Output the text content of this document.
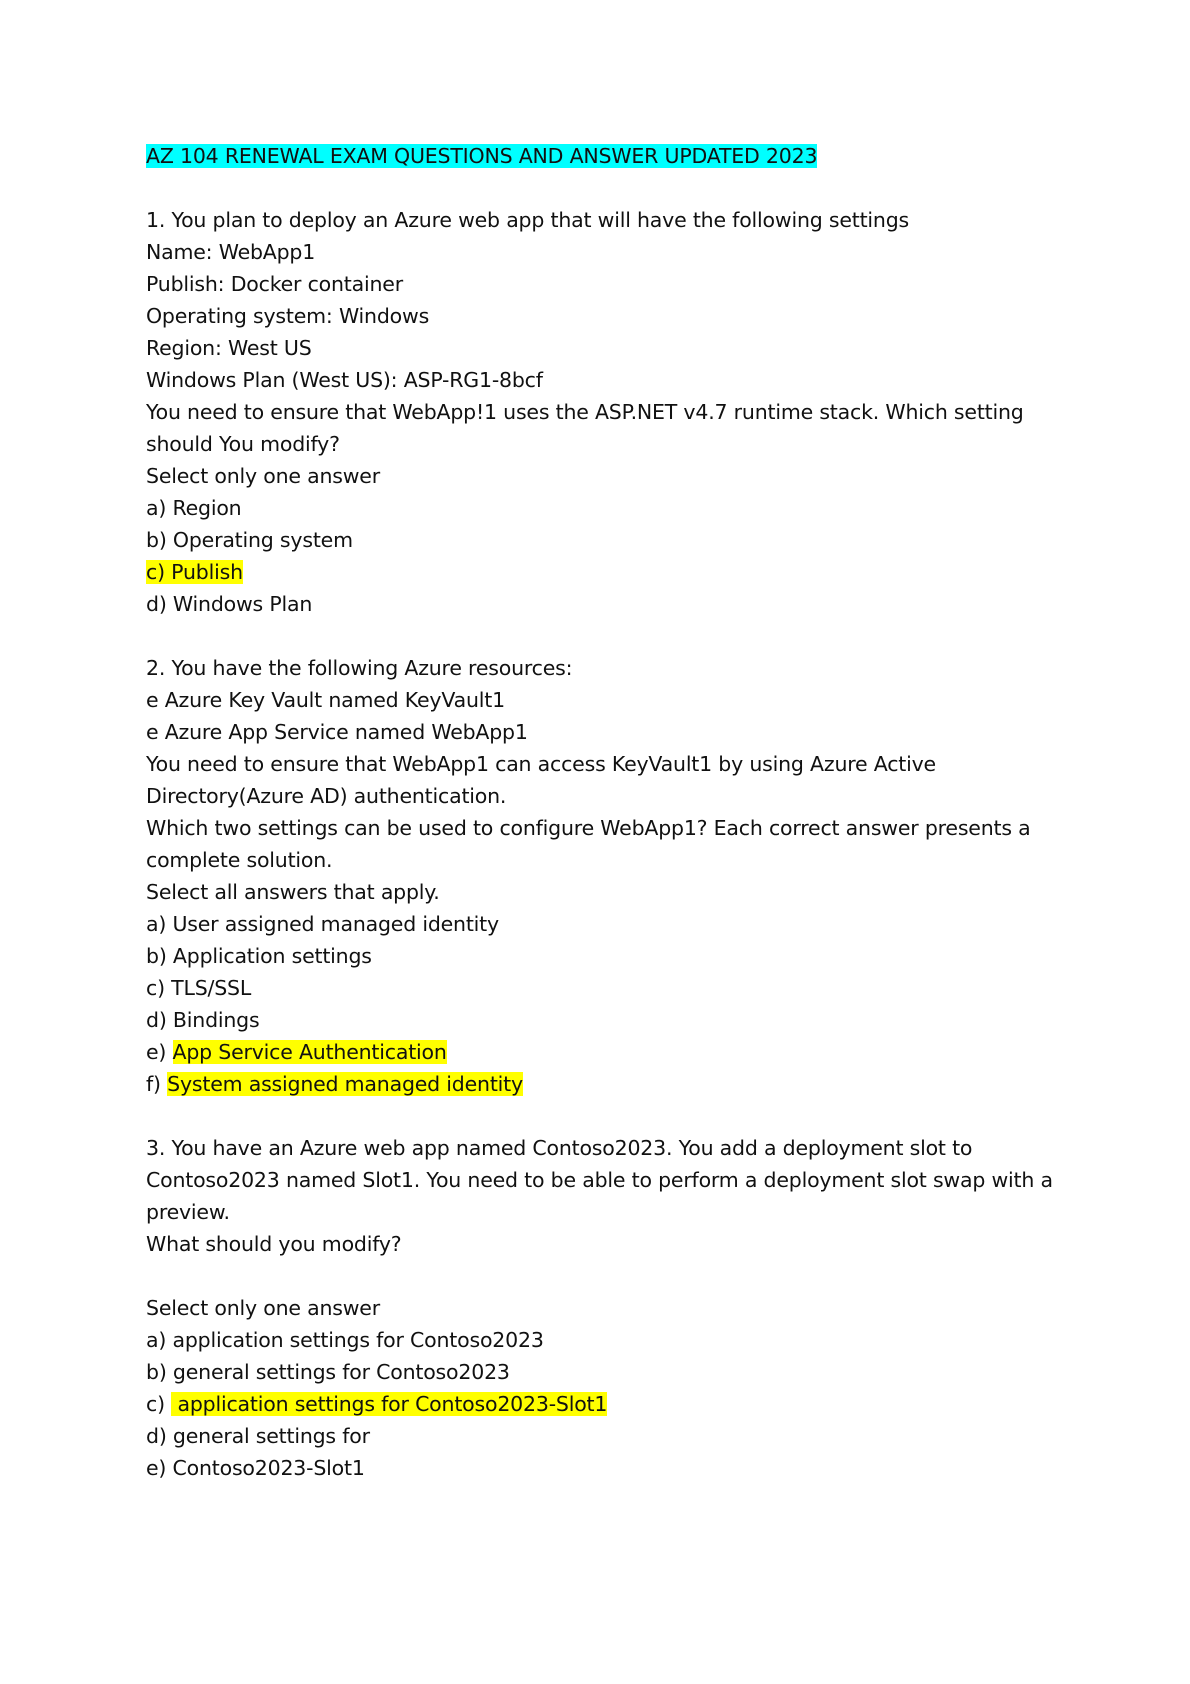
AZ 104 RENEWAL EXAM QUESTIONS AND ANSWER UPDATED 2023
1. You plan to deploy an Azure web app that will have the following settings
Name: WebApp1
Publish: Docker container
Operating system: Windows
Region: West US
Windows Plan (West US): ASP-RG1-8bcf
You need to ensure that WebApp!1 uses the ASP.NET v4.7 runtime stack. Which setting
should You modify?
Select only one answer
a) Region
b) Operating system
c) Publish
d) Windows Plan
2. You have the following Azure resources:
e Azure Key Vault named KeyVault1
e Azure App Service named WebApp1
You need to ensure that WebApp1 can access KeyVault1 by using Azure Active
Directory(Azure AD) authentication.
Which two settings can be used to configure WebApp1? Each correct answer presents a
complete solution.
Select all answers that apply.
a) User assigned managed identity
b) Application settings
c) TLS/SSL
d) Bindings
e) App Service Authentication
f) System assigned managed identity
3. You have an Azure web app named Contoso2023. You add a deployment slot to
Contoso2023 named Slot1. You need to be able to perform a deployment slot swap with a
preview.
What should you modify?
Select only one answer
a) application settings for Contoso2023
b) general settings for Contoso2023
c)  application settings for Contoso2023-Slot1
d) general settings for
e) Contoso2023-Slot1
